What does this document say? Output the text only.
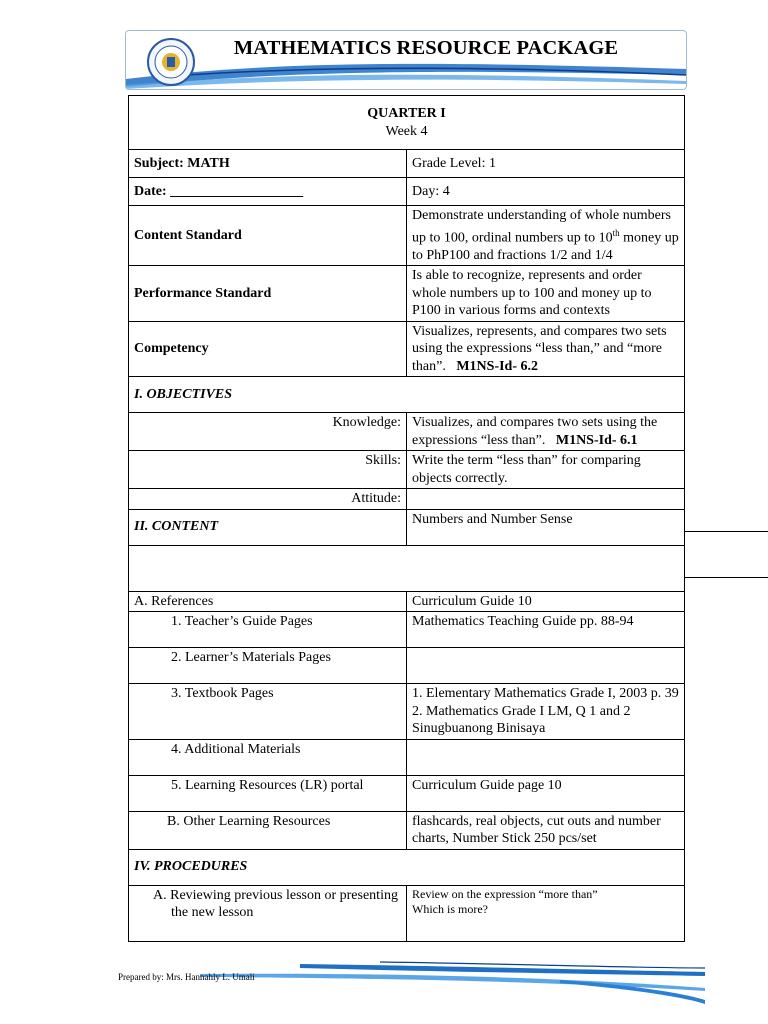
MATHEMATICS RESOURCE PACKAGE
QUARTER I
Week 4	

Subject: MATH	Grade Level: 1
Date: ___________________	Day: 4
Content Standard	Demonstrate understanding of whole numbers up to 100, ordinal numbers up to 10th money up to PhP100 and fractions 1/2 and 1/4
Performance Standard	Is able to recognize, represents and order whole numbers up to 100 and money up to P100 in various forms and contexts
Competency	Visualizes, represents, and compares two sets using the expressions “less than,” and “more than”. M1NS-Id- 6.2
I. OBJECTIVES	
Knowledge:	Visualizes, and compares two sets using the expressions “less than”. M1NS-Id- 6.1
Skills:	Write the term “less than” for comparing objects correctly.
Attitude:	
II. CONTENT	Numbers and Number Sense

A. References	Curriculum Guide 10
1. Teacher’s Guide Pages	Mathematics Teaching Guide pp. 88-94
2. Learner’s Materials Pages	
3. Textbook Pages	1. Elementary Mathematics Grade I, 2003 p. 39
2. Mathematics Grade I LM, Q 1 and 2 Sinugbuanong Binisaya

4. Additional Materials	
5. Learning Resources (LR) portal	Curriculum Guide page 10
B. Other Learning Resources	flashcards, real objects, cut outs and number charts, Number Stick 250 pcs/set
IV. PROCEDURES	
A. Reviewing previous lesson or presenting the new lesson	Review on the expression “more than”
Which is more?
Prepared by: Mrs. Hannahly L. Umali
